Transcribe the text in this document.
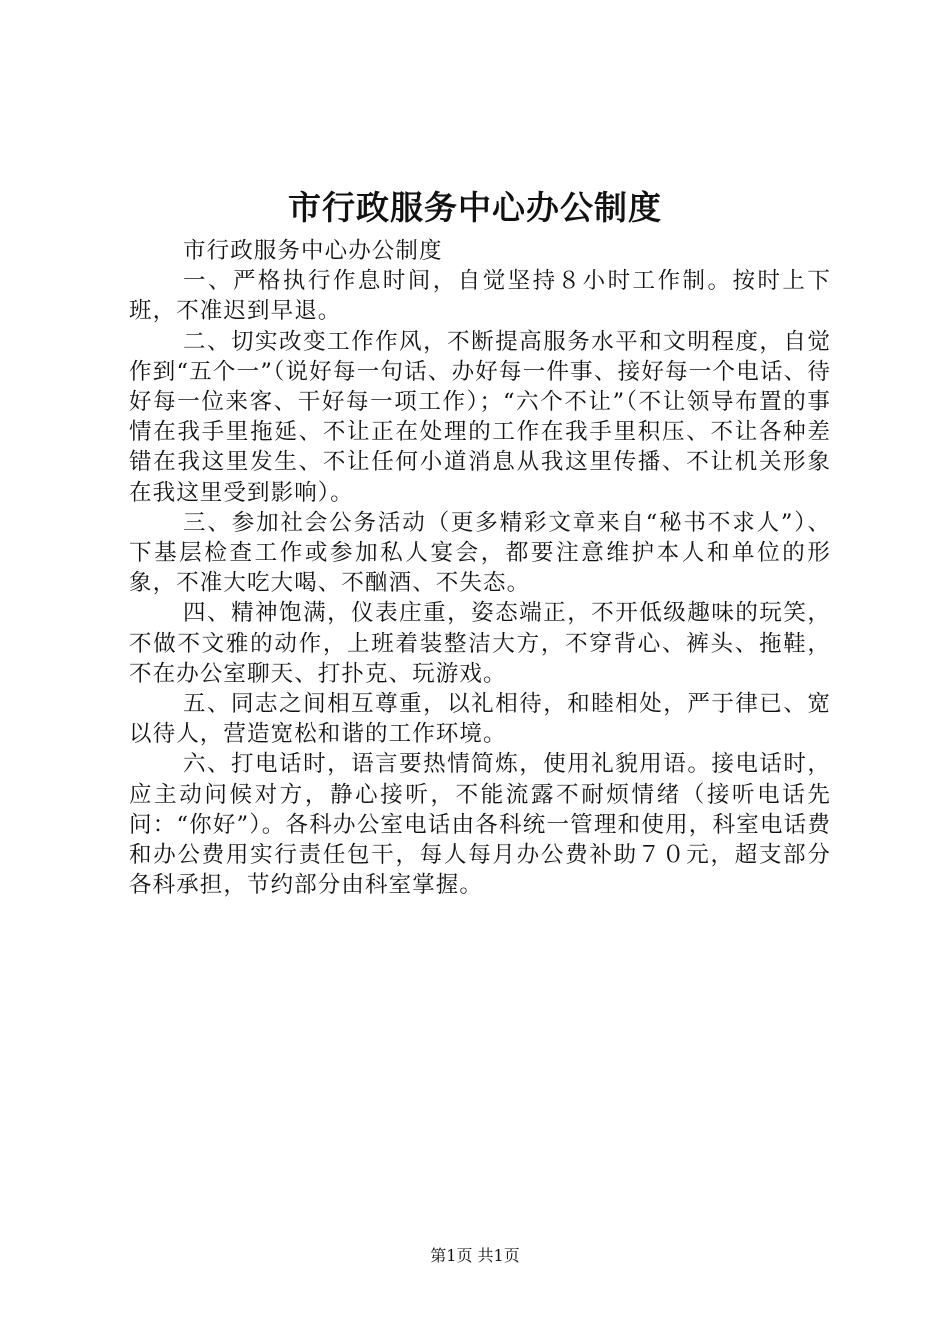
市行政服务中心办公制度

市行政服务中心办公制度

一、严格执行作息时间，自觉坚持８小时工作制。按时上下班，不准迟到早退。

二、切实改变工作作风，不断提高服务水平和文明程度，自觉作到“五个一”（说好每一句话、办好每一件事、接好每一个电话、待好每一位来客、干好每一项工作）；“六个不让”（不让领导布置的事情在我手里拖延、不让正在处理的工作在我手里积压、不让各种差错在我这里发生、不让任何小道消息从我这里传播、不让机关形象在我这里受到影响）。

三、参加社会公务活动（更多精彩文章来自“秘书不求人”）、下基层检查工作或参加私人宴会，都要注意维护本人和单位的形象，不准大吃大喝、不酗酒、不失态。

四、精神饱满，仪表庄重，姿态端正，不开低级趣味的玩笑，不做不文雅的动作，上班着装整洁大方，不穿背心、裤头、拖鞋，不在办公室聊天、打扑克、玩游戏。

五、同志之间相互尊重，以礼相待，和睦相处，严于律已、宽以待人，营造宽松和谐的工作环境。

六、打电话时，语言要热情简炼，使用礼貌用语。接电话时，应主动问候对方，静心接听，不能流露不耐烦情绪（接听电话先问：“你好”）。各科办公室电话由各科统一管理和使用，科室电话费和办公费用实行责任包干，每人每月办公费补助７０元，超支部分各科承担，节约部分由科室掌握。

第1页 共1页
